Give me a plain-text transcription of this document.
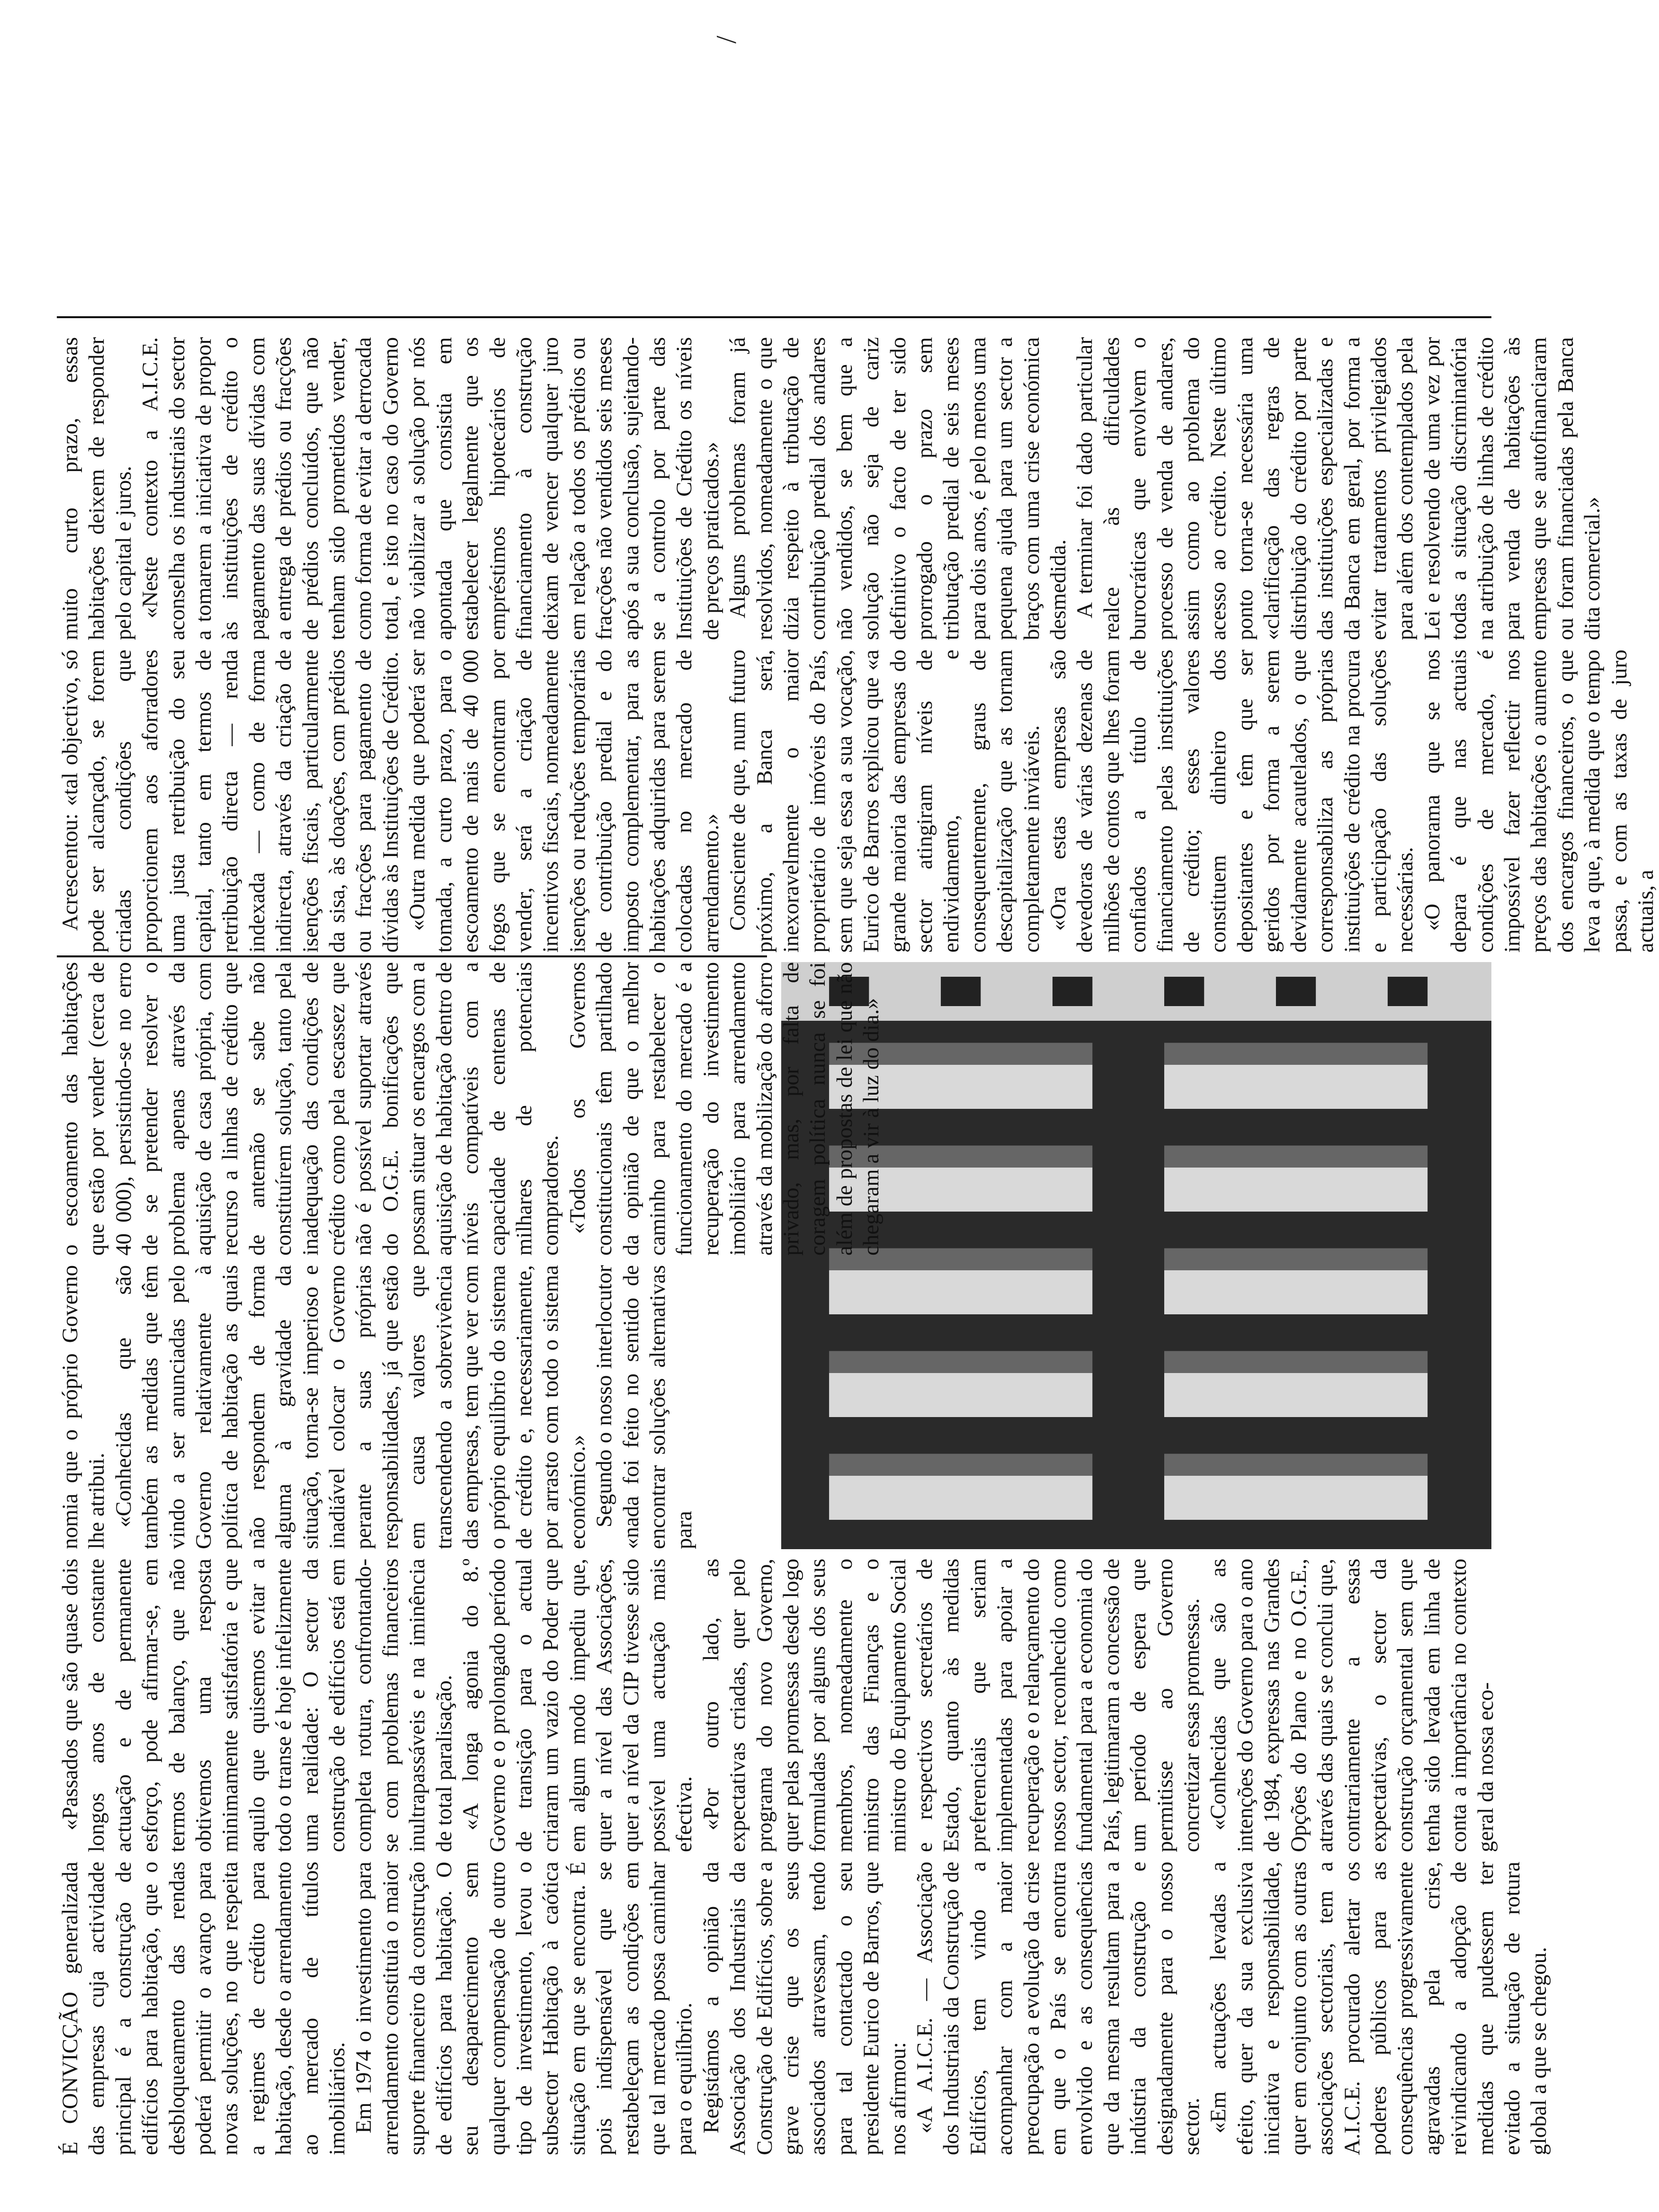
É CONVICÇÃO generalizada das empresas cuja actividade principal é a construção de edifícios para habitação, que o desbloqueamento das rendas poderá permitir o avanço para novas soluções, no que respeita a regimes de crédito para habitação, desde o arrendamento ao mercado de títulos imobiliários. Em 1974 o investimento para arrendamento constituía o maior suporte financeiro da construção de edifícios para habitação. O seu desaparecimento sem qualquer compensação de outro tipo de investimento, levou o subsector Habitação à caótica situação em que se encontra. É pois indispensável que se restabeleçam as condições em que tal mercado possa caminhar para o equilíbrio. Registámos a opinião da Associação dos Industriais da Construção de Edifícios, sobre a grave crise que os seus associados atravessam, tendo para tal contactado o seu presidente Eurico de Barros, que nos afirmou: «A A.I.C.E. — Associação dos Industriais da Construção de Edifícios, tem vindo a acompanhar com a maior preocupação a evolução da crise em que o País se encontra envolvido e as consequências que da mesma resultam para a indústria da construção e designadamente para o nosso sector. «Em actuações levadas a efeito, quer da sua exclusiva iniciativa e responsabilidade, quer em conjunto com as outras associações sectoriais, tem a A.I.C.E. procurado alertar os poderes públicos para as consequências progressivamente agravadas pela crise, reivindicando a adopção de medidas que pudessem ter evitado a situação de rotura global a que se chegou.

«Passados que são quase dois longos anos de constante actuação e de permanente esforço, pode afirmar-se, em termos de balanço, que não obtivemos uma resposta minimamente satisfatória e que aquilo que quisemos evitar a todo o transe é hoje infelizmente uma realidade: O sector da construção de edifícios está em completa rotura, confrontando-se com problemas financeiros inultrapassáveis e na iminência de total paralisação. «A longa agonia do 8.º Governo e o prolongado período de transição para o actual criaram um vazio do Poder que em algum modo impediu que, quer a nível das Associações, quer a nível da CIP tivesse sido possível uma actuação mais efectiva. «Por outro lado, as expectativas criadas, quer pelo programa do novo Governo, quer pelas promessas desde logo formuladas por alguns dos seus membros, nomeadamente o ministro das Finanças e o ministro do Equipamento Social e respectivos secretários de Estado, quanto às medidas preferenciais que seriam implementadas para apoiar a recuperação e o relançamento do nosso sector, reconhecido como fundamental para a economia do País, legitimaram a concessão de um período de espera que permitisse ao Governo concretizar essas promessas. «Conhecidas que são as intenções do Governo para o ano de 1984, expressas nas Grandes Opções do Plano e no O.G.E., através das quais se conclui que, contrariamente a essas expectativas, o sector da construção orçamental sem que tenha sido levada em linha de conta a importância no contexto geral da nossa eco-

nomia que o próprio Governo lhe atribui. «Conhecidas que são também as medidas que têm vindo a ser anunciadas pelo Governo relativamente à política de habitação as quais não respondem de forma alguma à gravidade da situação, torna-se imperioso e inadiável colocar o Governo perante a suas próprias responsabilidades, já que estão em causa valores que transcendendo a sobrevivência das empresas, tem que ver com o próprio equilíbrio do sistema de crédito e, necessariamente, por arrasto com todo o sistema económico.» Segundo o nosso interlocutor «nada foi feito no sentido de encontrar soluções alternativas para

o escoamento das habitações que estão por vender (cerca de 40 000), persistindo-se no erro de se pretender resolver o problema apenas através da aquisição de casa própria, com recurso a linhas de crédito que de antemão se sabe não constituírem solução, tanto pela inadequação das condições de crédito como pela escassez que não é possível suportar através do O.G.E. bonificações que possam situar os encargos com a aquisição de habitação dentro de níveis compatíveis com a capacidade de centenas de milhares de potenciais compradores. «Todos os Governos constitucionais têm partilhado da opinião de que o melhor caminho para restabelecer o funcionamento do mercado é a recuperação do investimento imobiliário para arrendamento através da mobilização do aforro privado, mas, por falta de coragem política nunca se foi além de propostas de lei que não chegaram a vir à luz do dia.»

Acrescentou: «tal objectivo, só pode ser alcançado, se forem criadas condições que proporcionem aos aforradores uma justa retribuição do seu capital, tanto em termos de retribuição directa — renda indexada — como de forma indirecta, através da criação de isenções fiscais, particularmente da sisa, às doações, com prédios ou fracções para pagamento de dívidas às Instituições de Crédito. «Outra medida que poderá ser tomada, a curto prazo, para o escoamento de mais de 40 000 fogos que se encontram por vender, será a criação de incentivos fiscais, nomeadamente isenções ou reduções temporárias de contribuição predial e do imposto complementar, para as habitações adquiridas para serem colocadas no mercado de arrendamento.» Consciente de que, num futuro próximo, a Banca será, inexoravelmente o maior proprietário de imóveis do País, sem que seja essa a sua vocação, Eurico de Barros explicou que «a grande maioria das empresas do sector atingiram níveis de endividamento, e consequentemente, graus de descapitalização que as tornam completamente inviáveis. «Ora estas empresas são devedoras de várias dezenas de milhões de contos que lhes foram confiados a título de financiamento pelas instituições de crédito; esses valores constituem dinheiro dos depositantes e têm que ser geridos por forma a serem devidamente acautelados, o que corresponsabiliza as próprias instituições de crédito na procura e participação das soluções necessárias. «O panorama que se nos depara é que nas actuais condições de mercado, é impossível fazer reflectir nos preços das habitações o aumento dos encargos financeiros, o que leva a que, à medida que o tempo passa, e com as taxas de juro actuais, a

muito curto prazo, essas habitações deixem de responder pelo capital e juros. «Neste contexto a A.I.C.E. aconselha os industriais do sector a tomarem a iniciativa de propor às instituições de crédito o pagamento das suas dívidas com a entrega de prédios ou fracções de prédios concluídos, que não tenham sido prometidos vender, como forma de evitar a derrocada total, e isto no caso do Governo não viabilizar a solução por nós apontada que consistia em estabelecer legalmente que os empréstimos hipotecários de financiamento à construção deixam de vencer qualquer juro em relação a todos os prédios ou fracções não vendidos seis meses após a sua conclusão, sujeitando-se a controlo por parte das Instituições de Crédito os níveis de preços praticados.» Alguns problemas foram já resolvidos, nomeadamente o que dizia respeito à tributação de contribuição predial dos andares não vendidos, se bem que a solução não seja de cariz definitivo o facto de ter sido prorrogado o prazo sem tributação predial de seis meses para dois anos, é pelo menos uma pequena ajuda para um sector a braços com uma crise económica desmedida. A terminar foi dado particular realce às dificuldades burocráticas que envolvem o processo de venda de andares, assim como ao problema do acesso ao crédito. Neste último ponto torna-se necessária uma «clarificação das regras de distribuição do crédito por parte das instituições especializadas e da Banca em geral, por forma a evitar tratamentos privilegiados para além dos contemplados pela Lei e resolvendo de uma vez por todas a situação discriminatória na atribuição de linhas de crédito para venda de habitações às empresas que se autofinanciaram ou foram financiadas pela Banca dita comercial.»

/
